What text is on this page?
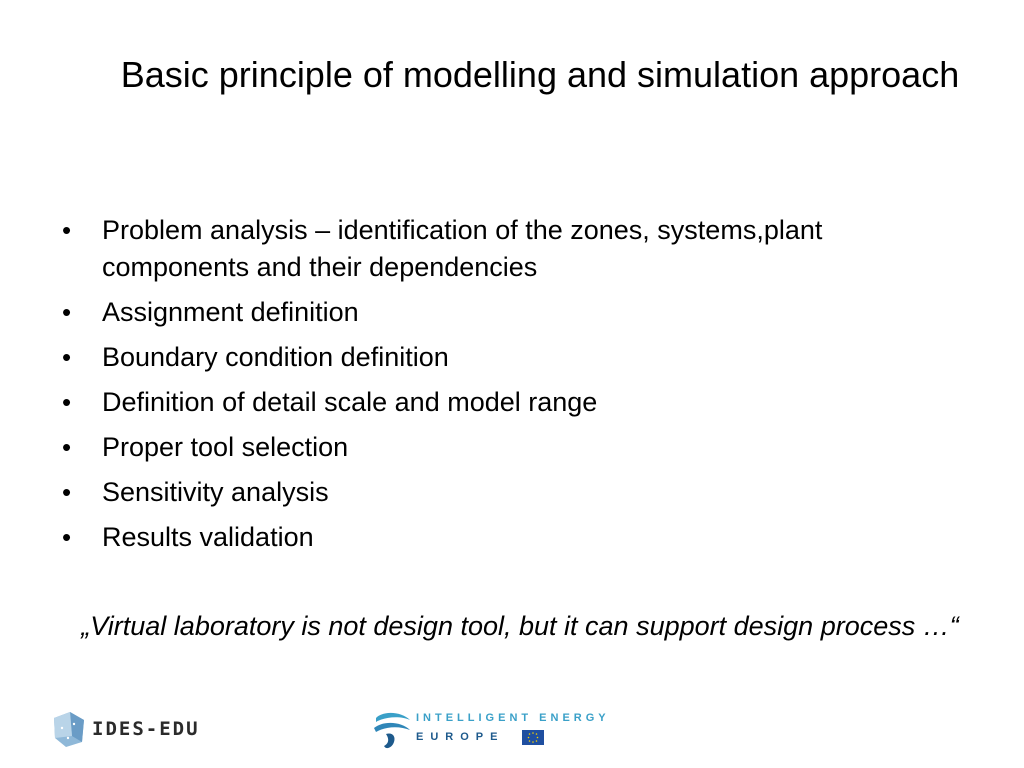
Basic principle of modelling and simulation approach
• Problem analysis – identification of the zones, systems,plant components and their dependencies
• Assignment definition
• Boundary condition definition
• Definition of detail scale and model range
• Proper tool selection
• Sensitivity analysis
• Results validation

„Virtual laboratory is not design tool, but it can support design process …“

IDES-EDU	INTELLIGENT ENERGY
EUROPE
